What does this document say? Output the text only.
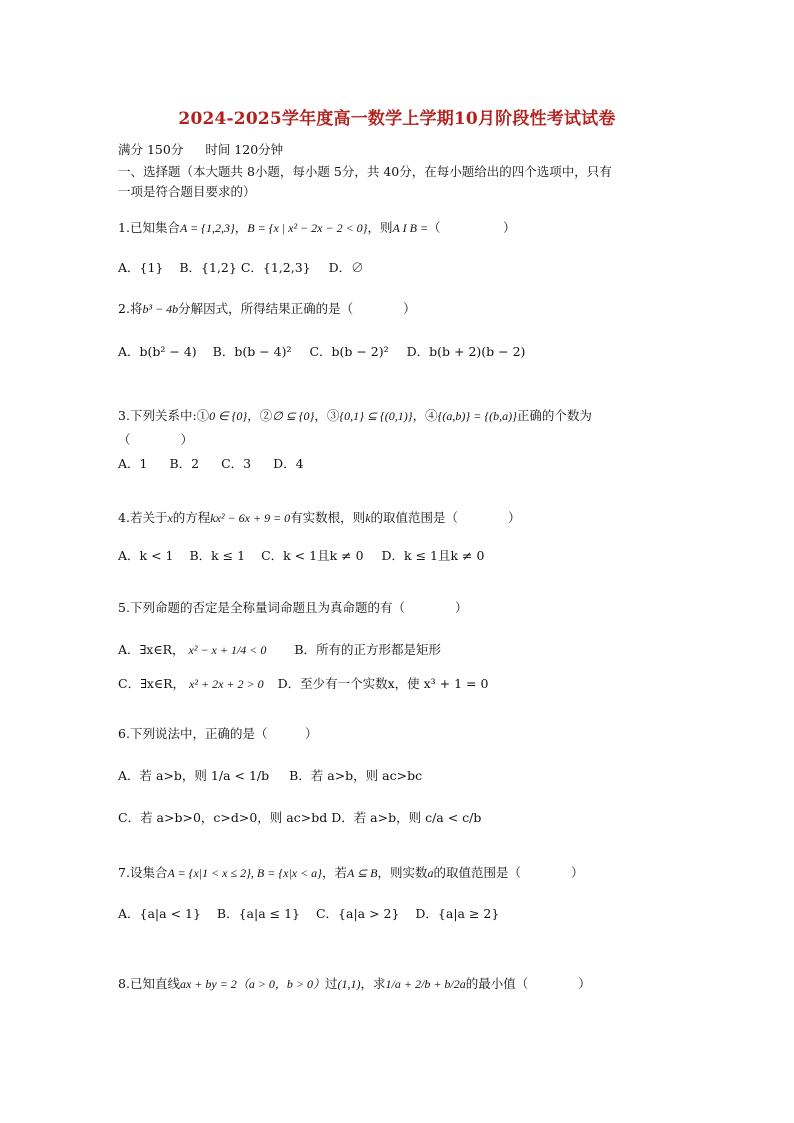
2024-2025学年度高一数学上学期10月阶段性考试试卷
满分 150分 时间 120分钟
一、选择题（本大题共 8小题，每小题 5分，共 40分，在每小题给出的四个选项中，只有
一项是符合题目要求的）
1.已知集合A = {1,2,3}，B = {x | x² − 2x − 2 < 0}，则A I B =（　　　　　）
A．{1} B．{1,2} C．{1,2,3} D．∅
2.将b³ − 4b分解因式，所得结果正确的是（　　　　）
A．b(b² − 4) B．b(b − 4)² C．b(b − 2)² D．b(b + 2)(b − 2)
3.下列关系中:①0 ∈ {0}，②∅ ⊆ {0}，③{0,1} ⊆ {(0,1)}，④{(a,b)} = {(b,a)}正确的个数为
（　　　　）
A．1 B．2 C．3 D．4
4.若关于x的方程kx² − 6x + 9 = 0有实数根，则k的取值范围是（　　　　）
A．k < 1 B．k ≤ 1 C．k < 1且k ≠ 0 D．k ≤ 1且k ≠ 0
5.下列命题的否定是全称量词命题且为真命题的有（　　　　）
A．∃x∈R， x² − x + 1/4 < 0 B．所有的正方形都是矩形
C．∃x∈R， x² + 2x + 2 > 0 D．至少有一个实数x，使 x³ + 1 = 0
6.下列说法中，正确的是（　　　）
A．若 a>b，则 1/a < 1/b B．若 a>b，则 ac>bc
C．若 a>b>0，c>d>0，则 ac>bd D．若 a>b，则 c/a < c/b
7.设集合A = {x|1 < x ≤ 2}, B = {x|x < a}，若A ⊆ B，则实数a的取值范围是（　　　　）
A．{a|a < 1} B．{a|a ≤ 1} C．{a|a > 2} D．{a|a ≥ 2}
8.已知直线ax + by = 2（a > 0，b > 0）过(1,1)，求1/a + 2/b + b/2a的最小值（　　　　）
